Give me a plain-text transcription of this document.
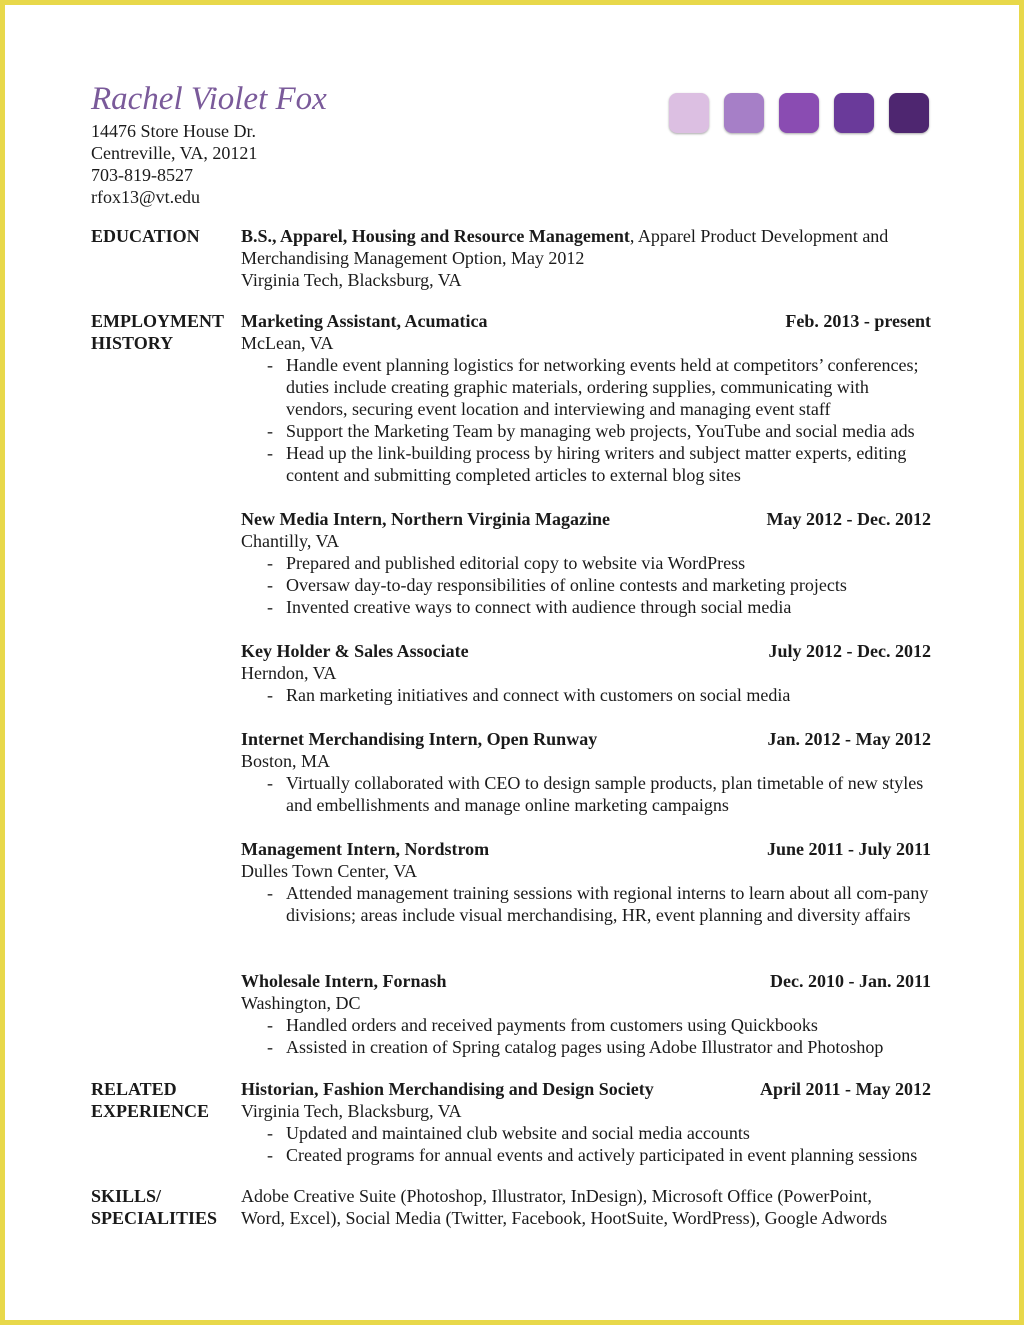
Rachel Violet Fox
14476 Store House Dr.
Centreville, VA, 20121
703-819-8527
rfox13@vt.edu
EDUCATION B.S., Apparel, Housing and Resource Management, Apparel Product Development and
Merchandising Management Option, May 2012
Virginia Tech, Blacksburg, VA
EMPLOYMENT
HISTORY
Marketing Assistant, Acumatica	Feb. 2013 - present
McLean, VA
- Handle event planning logistics for networking events held at competitors’ conferences; duties include creating graphic materials, ordering supplies, communicating with vendors, securing event location and interviewing and managing event staff
- Support the Marketing Team by managing web projects, YouTube and social media ads
- Head up the link-building process by hiring writers and subject matter experts, editing content and submitting completed articles to external blog sites
New Media Intern, Northern Virginia Magazine	May 2012 - Dec. 2012
Chantilly, VA
- Prepared and published editorial copy to website via WordPress
- Oversaw day-to-day responsibilities of online contests and marketing projects
- Invented creative ways to connect with audience through social media
Key Holder & Sales Associate	July 2012 - Dec. 2012
Herndon, VA
- Ran marketing initiatives and connect with customers on social media
Internet Merchandising Intern, Open Runway	Jan. 2012 - May 2012
Boston, MA
- Virtually collaborated with CEO to design sample products, plan timetable of new styles and embellishments and manage online marketing campaigns
Management Intern, Nordstrom	June 2011 - July 2011
Dulles Town Center, VA
- Attended management training sessions with regional interns to learn about all com-pany divisions; areas include visual merchandising, HR, event planning and diversity affairs
Wholesale Intern, Fornash	Dec. 2010 - Jan. 2011
Washington, DC
- Handled orders and received payments from customers using Quickbooks
- Assisted in creation of Spring catalog pages using Adobe Illustrator and Photoshop
RELATED
EXPERIENCE
Historian, Fashion Merchandising and Design Society	April 2011 - May 2012
Virginia Tech, Blacksburg, VA
- Updated and maintained club website and social media accounts
- Created programs for annual events and actively participated in event planning sessions
SKILLS/
SPECIALITIES
Adobe Creative Suite (Photoshop, Illustrator, InDesign), Microsoft Office (PowerPoint,
Word, Excel), Social Media (Twitter, Facebook, HootSuite, WordPress), Google Adwords
